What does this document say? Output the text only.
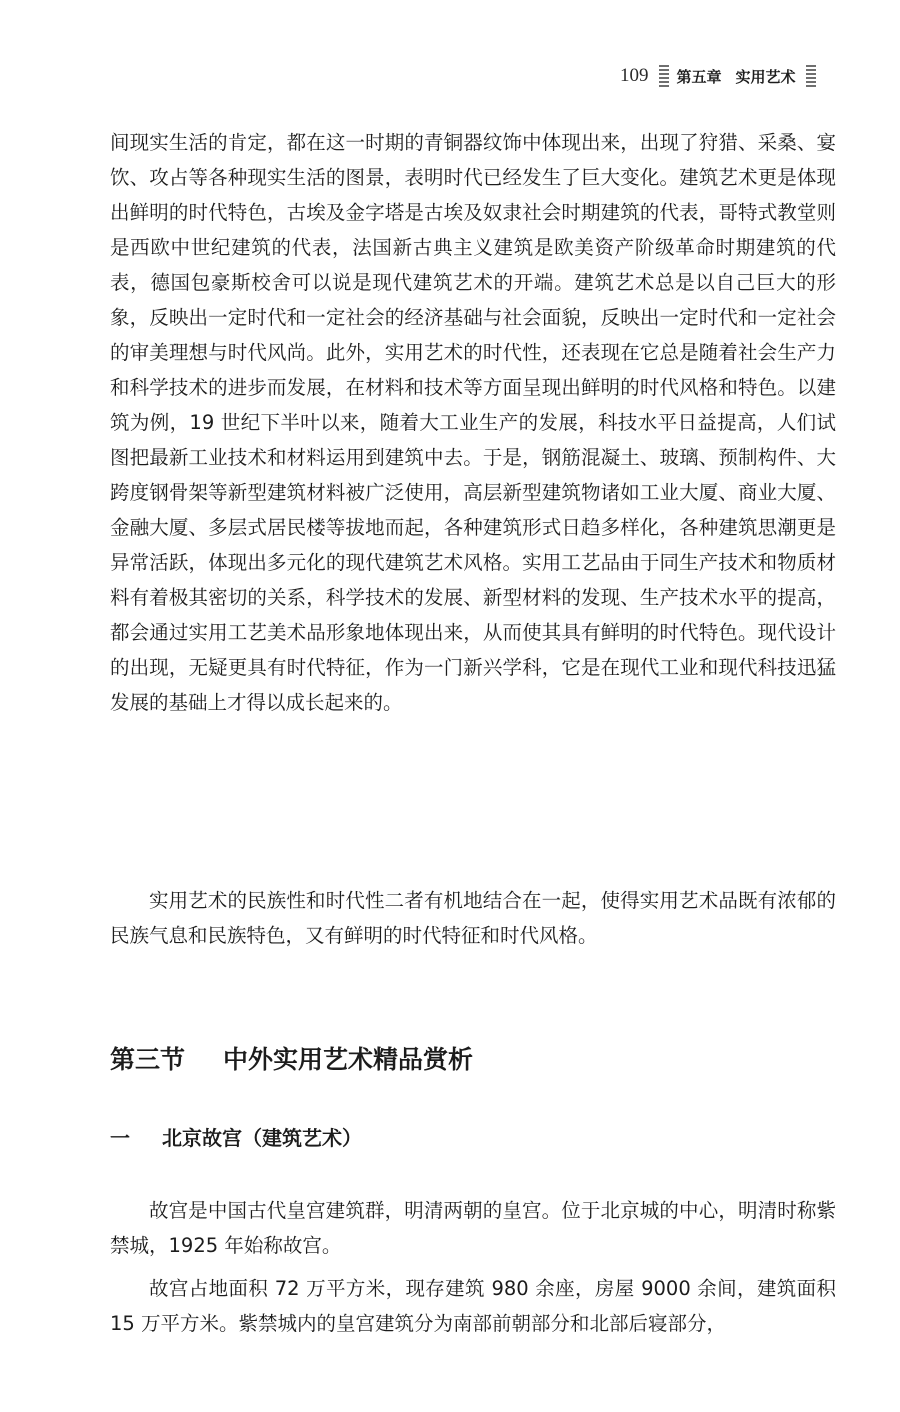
109 第五章 实用艺术

间现实生活的肯定，都在这一时期的青铜器纹饰中体现出来，出现了狩猎、采桑、宴饮、攻占等各种现实生活的图景，表明时代已经发生了巨大变化。建筑艺术更是体现出鲜明的时代特色，古埃及金字塔是古埃及奴隶社会时期建筑的代表，哥特式教堂则是西欧中世纪建筑的代表，法国新古典主义建筑是欧美资产阶级革命时期建筑的代表，德国包豪斯校舍可以说是现代建筑艺术的开端。建筑艺术总是以自己巨大的形象，反映出一定时代和一定社会的经济基础与社会面貌，反映出一定时代和一定社会的审美理想与时代风尚。此外，实用艺术的时代性，还表现在它总是随着社会生产力和科学技术的进步而发展，在材料和技术等方面呈现出鲜明的时代风格和特色。以建筑为例，19 世纪下半叶以来，随着大工业生产的发展，科技水平日益提高，人们试图把最新工业技术和材料运用到建筑中去。于是，钢筋混凝土、玻璃、预制构件、大跨度钢骨架等新型建筑材料被广泛使用，高层新型建筑物诸如工业大厦、商业大厦、金融大厦、多层式居民楼等拔地而起，各种建筑形式日趋多样化，各种建筑思潮更是异常活跃，体现出多元化的现代建筑艺术风格。实用工艺品由于同生产技术和物质材料有着极其密切的关系，科学技术的发展、新型材料的发现、生产技术水平的提高，都会通过实用工艺美术品形象地体现出来，从而使其具有鲜明的时代特色。现代设计的出现，无疑更具有时代特征，作为一门新兴学科，它是在现代工业和现代科技迅猛发展的基础上才得以成长起来的。

实用艺术的民族性和时代性二者有机地结合在一起，使得实用艺术品既有浓郁的民族气息和民族特色，又有鲜明的时代特征和时代风格。

第三节 中外实用艺术精品赏析
一 北京故宫（建筑艺术）

故宫是中国古代皇宫建筑群，明清两朝的皇宫。位于北京城的中心，明清时称紫禁城，1925 年始称故宫。

故宫占地面积 72 万平方米，现存建筑 980 余座，房屋 9000 余间，建筑面积 15 万平方米。紫禁城内的皇宫建筑分为南部前朝部分和北部后寝部分，
